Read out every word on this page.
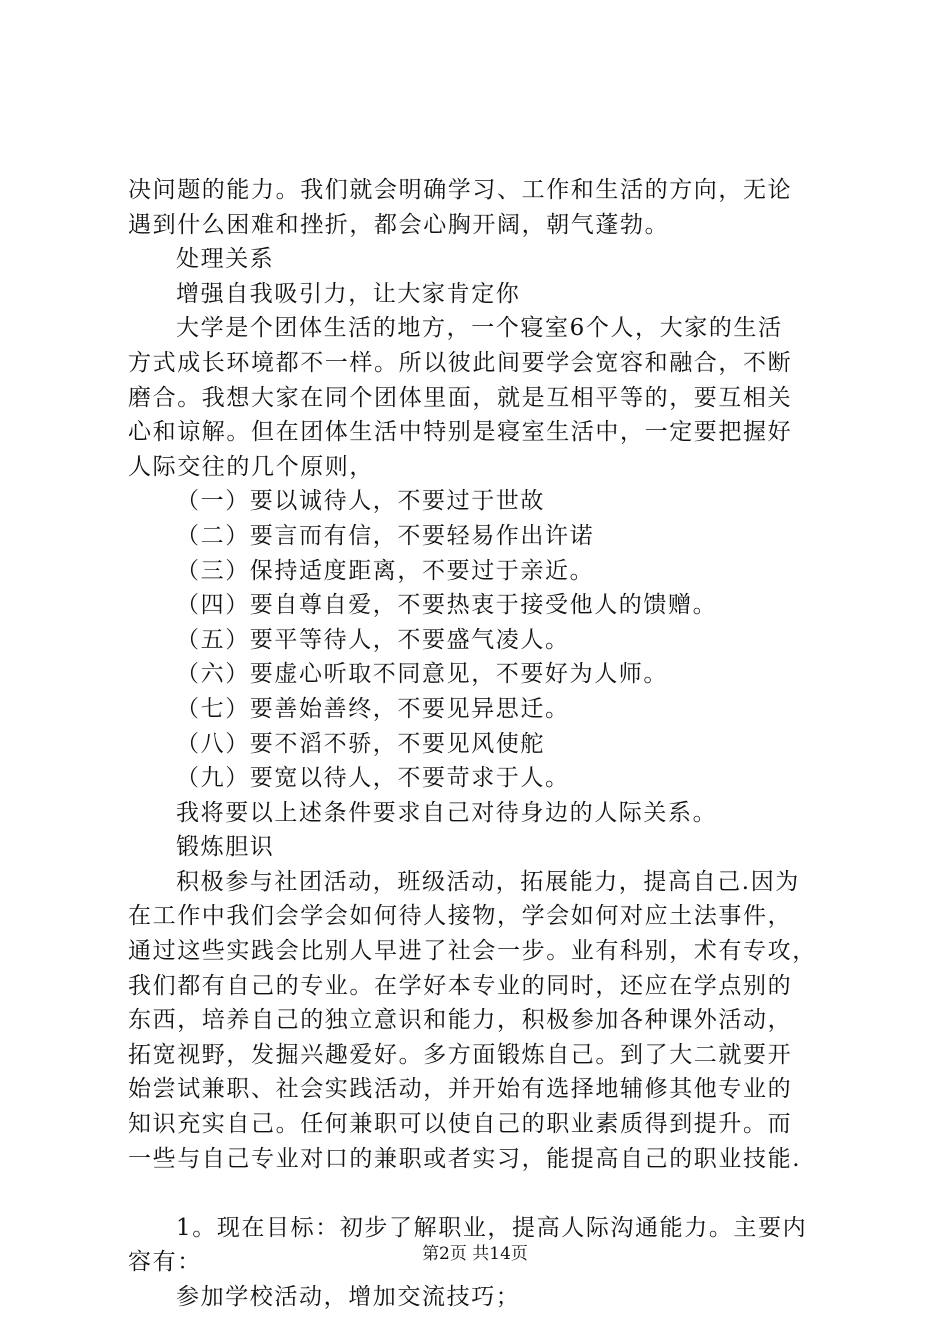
决问题的能力。我们就会明确学习、工作和生活的方向，无论
遇到什么困难和挫折，都会心胸开阔，朝气蓬勃。
处理关系
增强自我吸引力，让大家肯定你
大学是个团体生活的地方，一个寝室6个人，大家的生活
方式成长环境都不一样。所以彼此间要学会宽容和融合，不断
磨合。我想大家在同个团体里面，就是互相平等的，要互相关
心和谅解。但在团体生活中特别是寝室生活中，一定要把握好
人际交往的几个原则，
（一）要以诚待人，不要过于世故
（二）要言而有信，不要轻易作出许诺
（三）保持适度距离，不要过于亲近。
（四）要自尊自爱，不要热衷于接受他人的馈赠。
（五）要平等待人，不要盛气凌人。
（六）要虚心听取不同意见，不要好为人师。
（七）要善始善终，不要见异思迁。
（八）要不滔不骄，不要见风使舵
（九）要宽以待人，不要苛求于人。
我将要以上述条件要求自己对待身边的人际关系。
锻炼胆识
积极参与社团活动，班级活动，拓展能力，提高自己.因为
在工作中我们会学会如何待人接物，学会如何对应土法事件，
通过这些实践会比别人早进了社会一步。业有科别，术有专攻，
我们都有自己的专业。在学好本专业的同时，还应在学点别的
东西，培养自己的独立意识和能力，积极参加各种课外活动，
拓宽视野，发掘兴趣爱好。多方面锻炼自己。到了大二就要开
始尝试兼职、社会实践活动，并开始有选择地辅修其他专业的
知识充实自己。任何兼职可以使自己的职业素质得到提升。而
一些与自己专业对口的兼职或者实习，能提高自己的职业技能.
1。现在目标：初步了解职业，提高人际沟通能力。主要内
容有：
参加学校活动，增加交流技巧；
第2页 共14页
